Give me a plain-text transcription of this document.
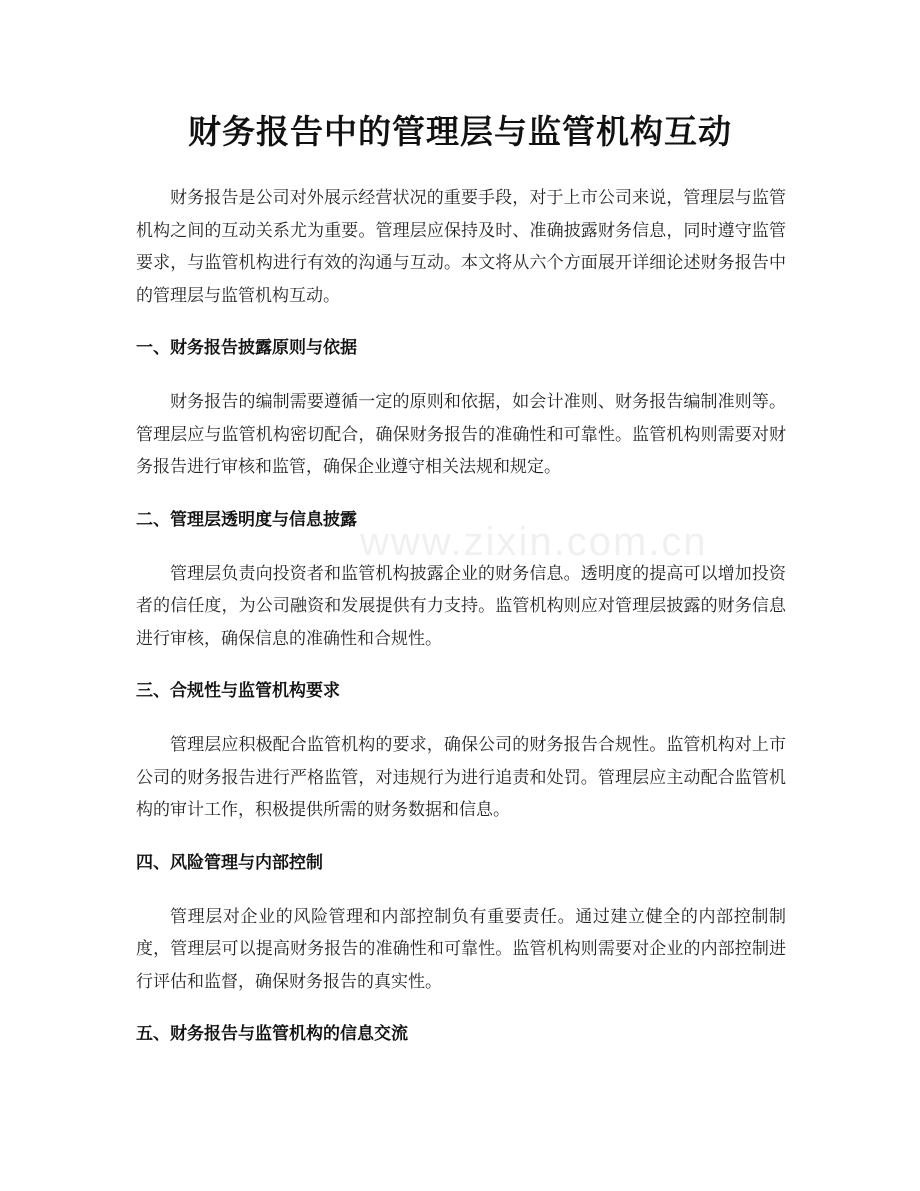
财务报告中的管理层与监管机构互动

财务报告是公司对外展示经营状况的重要手段，对于上市公司来说，管理层与监管机构之间的互动关系尤为重要。管理层应保持及时、准确披露财务信息，同时遵守监管要求，与监管机构进行有效的沟通与互动。本文将从六个方面展开详细论述财务报告中的管理层与监管机构互动。

一、财务报告披露原则与依据

财务报告的编制需要遵循一定的原则和依据，如会计准则、财务报告编制准则等。管理层应与监管机构密切配合，确保财务报告的准确性和可靠性。监管机构则需要对财务报告进行审核和监管，确保企业遵守相关法规和规定。

二、管理层透明度与信息披露

管理层负责向投资者和监管机构披露企业的财务信息。透明度的提高可以增加投资者的信任度，为公司融资和发展提供有力支持。监管机构则应对管理层披露的财务信息进行审核，确保信息的准确性和合规性。

三、合规性与监管机构要求

管理层应积极配合监管机构的要求，确保公司的财务报告合规性。监管机构对上市公司的财务报告进行严格监管，对违规行为进行追责和处罚。管理层应主动配合监管机构的审计工作，积极提供所需的财务数据和信息。

四、风险管理与内部控制

管理层对企业的风险管理和内部控制负有重要责任。通过建立健全的内部控制制度，管理层可以提高财务报告的准确性和可靠性。监管机构则需要对企业的内部控制进行评估和监督，确保财务报告的真实性。

五、财务报告与监管机构的信息交流
www.zixin.com.cn
